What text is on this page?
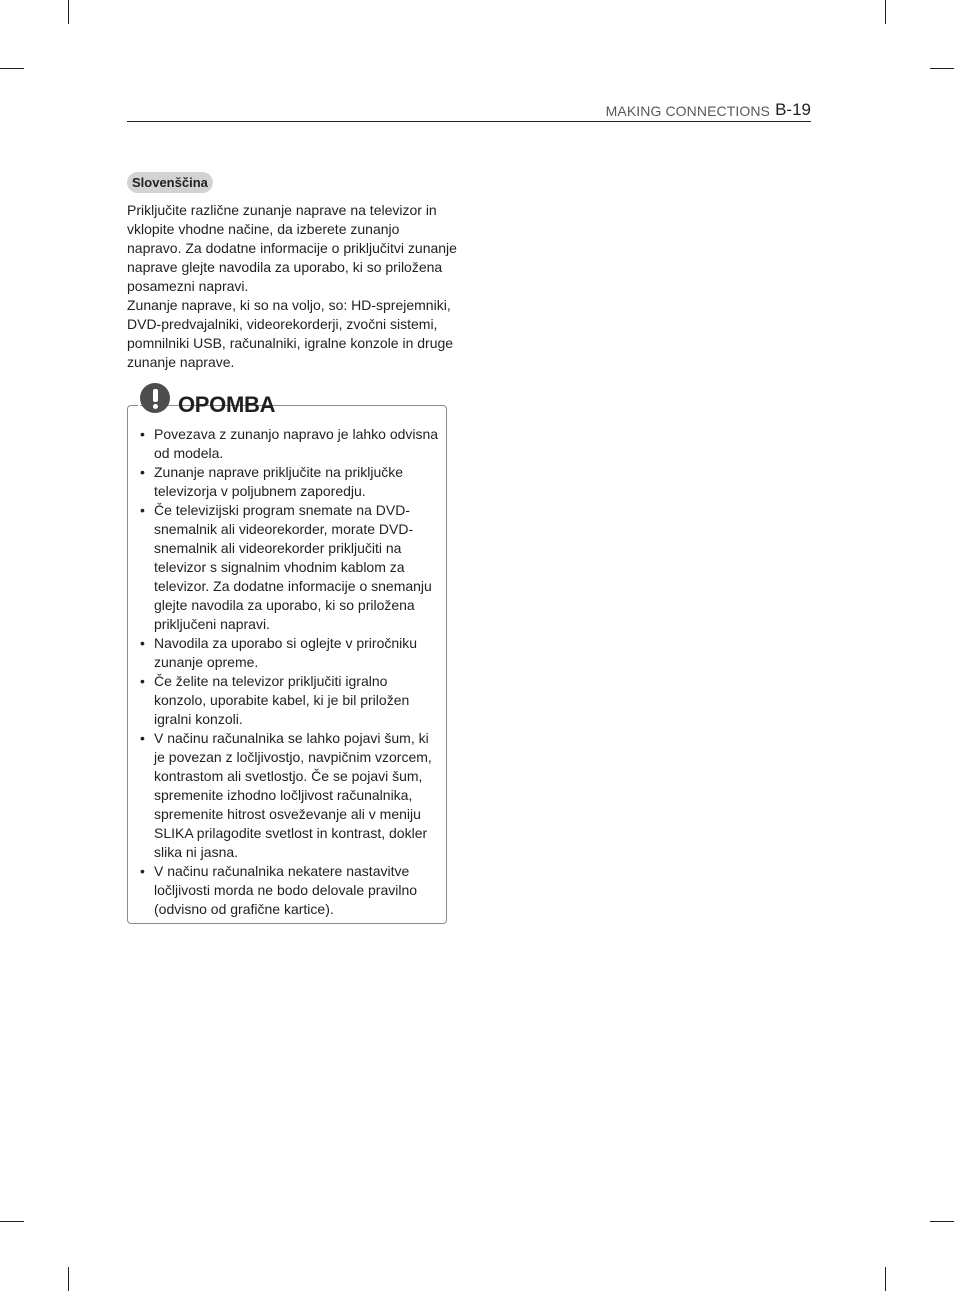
MAKING CONNECTIONS B-19
Slovenščina

Priključite različne zunanje naprave na televizor in vklopite vhodne načine, da izberete zunanjo napravo. Za dodatne informacije o priključitvi zunanje naprave glejte navodila za uporabo, ki so priložena posamezni napravi.

Zunanje naprave, ki so na voljo, so: HD-sprejemniki, DVD-predvajalniki, videorekorderji, zvočni sistemi, pomnilniki USB, računalniki, igralne konzole in druge zunanje naprave.

OPOMBA
• Povezava z zunanjo napravo je lahko odvisna od modela.
• Zunanje naprave priključite na priključke televizorja v poljubnem zaporedju.
• Če televizijski program snemate na DVD-snemalnik ali videorekorder, morate DVD-snemalnik ali videorekorder priključiti na televizor s signalnim vhodnim kablom za televizor. Za dodatne informacije o snemanju glejte navodila za uporabo, ki so priložena priključeni napravi.
• Navodila za uporabo si oglejte v priročniku zunanje opreme.
• Če želite na televizor priključiti igralno konzolo, uporabite kabel, ki je bil priložen igralni konzoli.
• V načinu računalnika se lahko pojavi šum, ki je povezan z ločljivostjo, navpičnim vzorcem, kontrastom ali svetlostjo. Če se pojavi šum, spremenite izhodno ločljivost računalnika, spremenite hitrost osveževanje ali v meniju SLIKA prilagodite svetlost in kontrast, dokler slika ni jasna.
• V načinu računalnika nekatere nastavitve ločljivosti morda ne bodo delovale pravilno (odvisno od grafične kartice).
